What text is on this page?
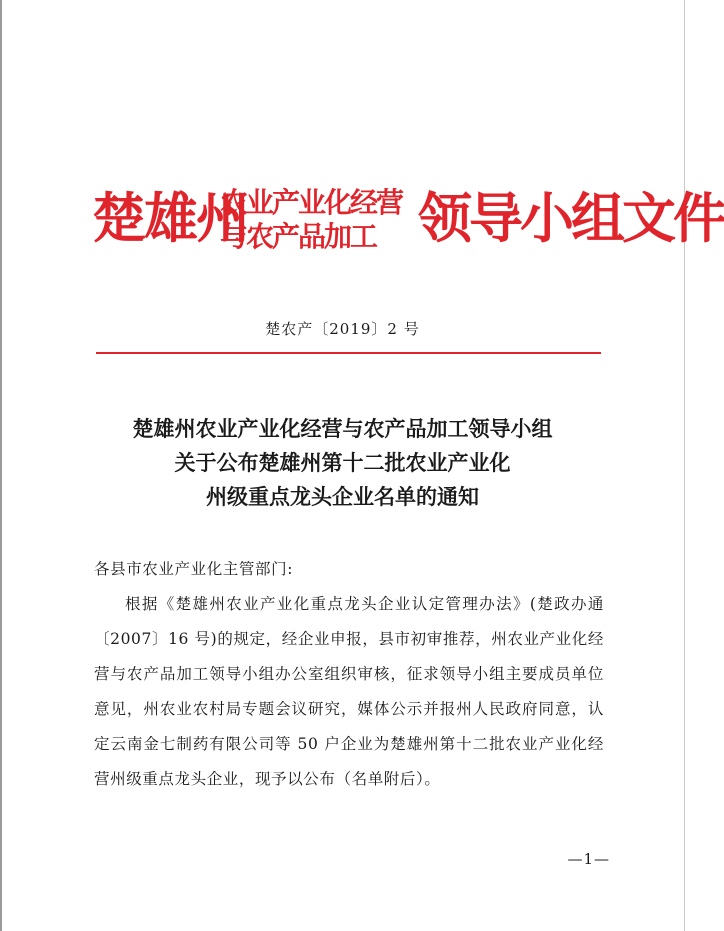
楚雄州
农业产业化经营
与农产品加工 领导小组文件
楚农产〔2019〕2 号
楚雄州农业产业化经营与农产品加工领导小组
关于公布楚雄州第十二批农业产业化
州级重点龙头企业名单的通知
各县市农业产业化主管部门:
根据《楚雄州农业产业化重点龙头企业认定管理办法》(楚政办通〔2007〕16 号)的规定，经企业申报，县市初审推荐，州农业产业化经营与农产品加工领导小组办公室组织审核，征求领导小组主要成员单位意见，州农业农村局专题会议研究，媒体公示并报州人民政府同意，认定云南金七制药有限公司等 50 户企业为楚雄州第十二批农业产业化经营州级重点龙头企业，现予以公布（名单附后）。
—1—
